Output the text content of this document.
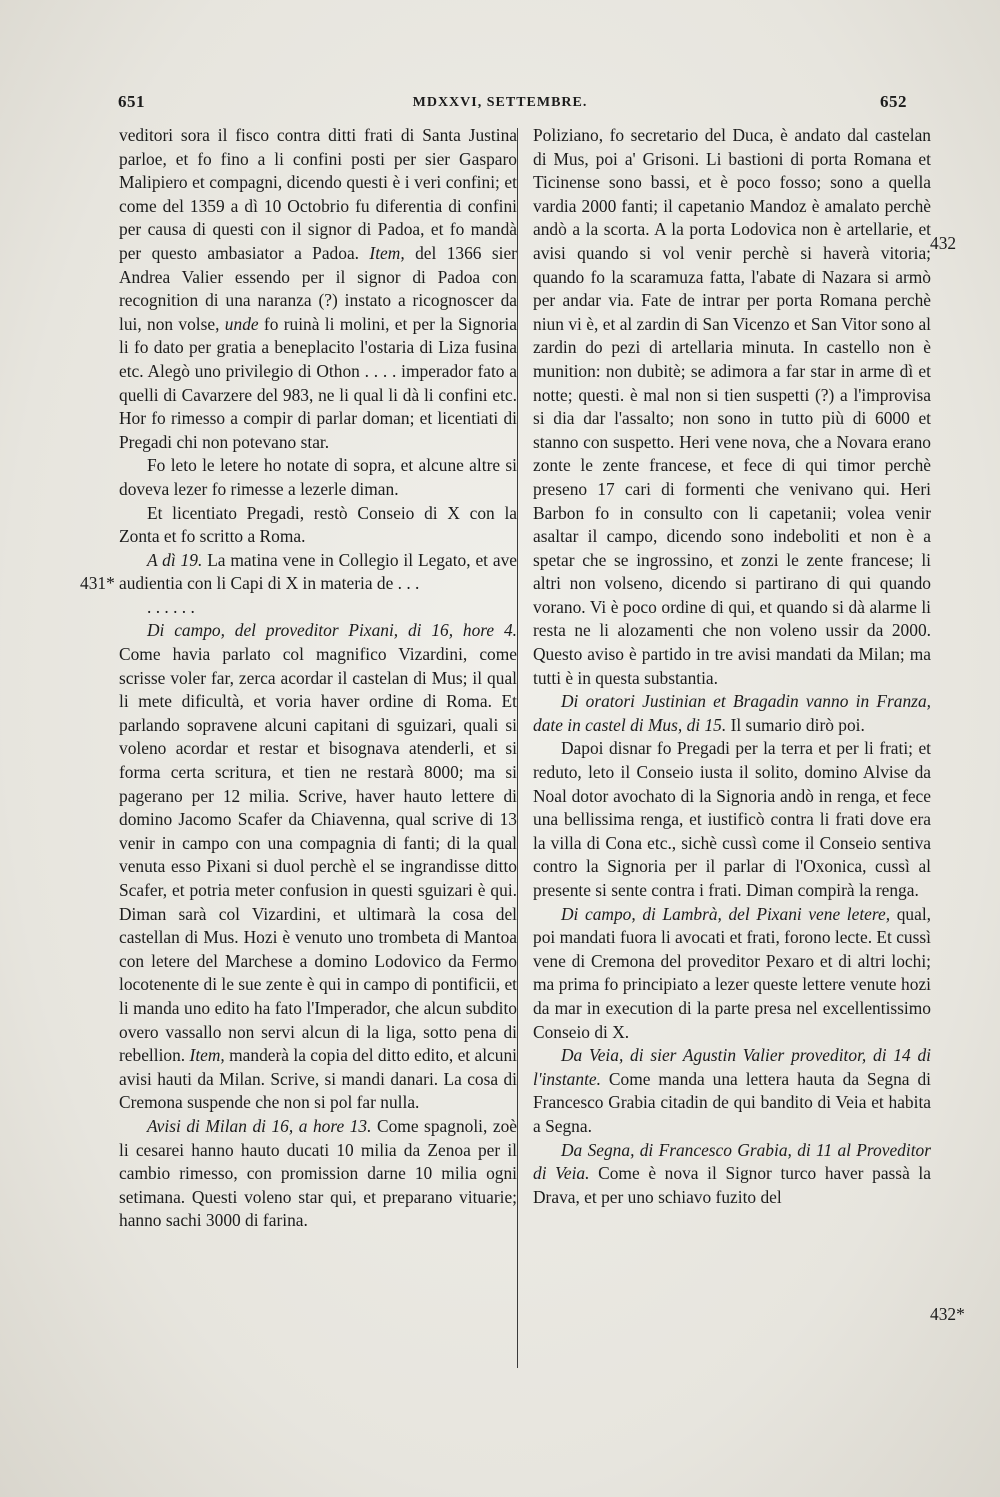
651	MDXXVI, SETTEMBRE.	652
431*
432
432*

veditori sora il fisco contra ditti frati di Santa Justina parloe, et fo fino a li confini posti per sier Gasparo Malipiero et compagni, dicendo questi è i veri confini; et come del 1359 a dì 10 Octobrio fu diferentia di confini per causa di questi con il signor di Padoa, et fo mandà per questo ambasiator a Padoa. Item, del 1366 sier Andrea Valier essendo per il signor di Padoa con recognition di una naranza (?) instato a ricognoscer da lui, non volse, unde fo ruinà li molini, et per la Signoria li fo dato per gratia a beneplacito l'ostaria di Liza fusina etc. Alegò uno privilegio di Othon . . . . imperador fato a quelli di Cavarzere del 983, ne li qual li dà li confini etc. Hor fo rimesso a compir di parlar doman; et licentiati di Pregadi chi non potevano star.

Fo leto le letere ho notate di sopra, et alcune altre si doveva lezer fo rimesse a lezerle diman.

Et licentiato Pregadi, restò Conseio di X con la Zonta et fo scritto a Roma.

A dì 19. La matina vene in Collegio il Legato, et ave audientia con li Capi di X in materia de . . .

. . . . . .

Di campo, del proveditor Pixani, di 16, hore 4. Come havia parlato col magnifico Vizardini, come scrisse voler far, zerca acordar il castelan di Mus; il qual li mete dificultà, et voria haver ordine di Roma. Et parlando sopravene alcuni capitani di sguizari, quali si voleno acordar et restar et bisognava atenderli, et si forma certa scritura, et tien ne restarà 8000; ma si pagerano per 12 milia. Scrive, haver hauto lettere di domino Jacomo Scafer da Chiavenna, qual scrive di 13 venir in campo con una compagnia di fanti; di la qual venuta esso Pixani si duol perchè el se ingrandisse ditto Scafer, et potria meter confusion in questi sguizari è qui. Diman sarà col Vizardini, et ultimarà la cosa del castellan di Mus. Hozi è venuto uno trombeta di Mantoa con letere del Marchese a domino Lodovico da Fermo locotenente di le sue zente è qui in campo di pontificii, et li manda uno edito ha fato l'Imperador, che alcun subdito overo vassallo non servi alcun di la liga, sotto pena di rebellion. Item, manderà la copia del ditto edito, et alcuni avisi hauti da Milan. Scrive, si mandi danari. La cosa di Cremona suspende che non si pol far nulla.

Avisi di Milan di 16, a hore 13. Come spagnoli, zoè li cesarei hanno hauto ducati 10 milia da Zenoa per il cambio rimesso, con promission darne 10 milia ogni setimana. Questi voleno star qui, et preparano vituarie; hanno sachi 3000 di farina.

Poliziano, fo secretario del Duca, è andato dal castelan di Mus, poi a' Grisoni. Li bastioni di porta Romana et Ticinense sono bassi, et è poco fosso; sono a quella vardia 2000 fanti; il capetanio Mandoz è amalato perchè andò a la scorta. A la porta Lodovica non è artellarie, et avisi quando si vol venir perchè si haverà vitoria; quando fo la scaramuza fatta, l'abate di Nazara si armò per andar via. Fate de intrar per porta Romana perchè niun vi è, et al zardin di San Vicenzo et San Vitor sono al zardin do pezi di artellaria minuta. In castello non è munition: non dubitè; se adimora a far star in arme dì et notte; questi. è mal non si tien suspetti (?) a l'improvisa si dia dar l'assalto; non sono in tutto più di 6000 et stanno con suspetto. Heri vene nova, che a Novara erano zonte le zente francese, et fece di qui timor perchè preseno 17 cari di formenti che venivano qui. Heri Barbon fo in consulto con li capetanii; volea venir asaltar il campo, dicendo sono indeboliti et non è a spetar che se ingrossino, et zonzi le zente francese; li altri non volseno, dicendo si partirano di qui quando vorano. Vi è poco ordine di qui, et quando si dà alarme li resta ne li alozamenti che non voleno ussir da 2000. Questo aviso è partido in tre avisi mandati da Milan; ma tutti è in questa substantia.

Di oratori Justinian et Bragadin vanno in Franza, date in castel di Mus, di 15. Il sumario dirò poi.

Dapoi disnar fo Pregadi per la terra et per li frati; et reduto, leto il Conseio iusta il solito, domino Alvise da Noal dotor avochato di la Signoria andò in renga, et fece una bellissima renga, et iustificò contra li frati dove era la villa di Cona etc., sichè cussì come il Conseio sentiva contro la Signoria per il parlar di l'Oxonica, cussì al presente si sente contra i frati. Diman compirà la renga.

Di campo, di Lambrà, del Pixani vene letere, qual, poi mandati fuora li avocati et frati, forono lecte. Et cussì vene di Cremona del proveditor Pexaro et di altri lochi; ma prima fo principiato a lezer queste lettere venute hozi da mar in execution di la parte presa nel excellentissimo Conseio di X.

Da Veia, di sier Agustin Valier proveditor, di 14 di l'instante. Come manda una lettera hauta da Segna di Francesco Grabia citadin de qui bandito di Veia et habita a Segna.

Da Segna, di Francesco Grabia, di 11 al Proveditor di Veia. Come è nova il Signor turco haver passà la Drava, et per uno schiavo fuzito del
